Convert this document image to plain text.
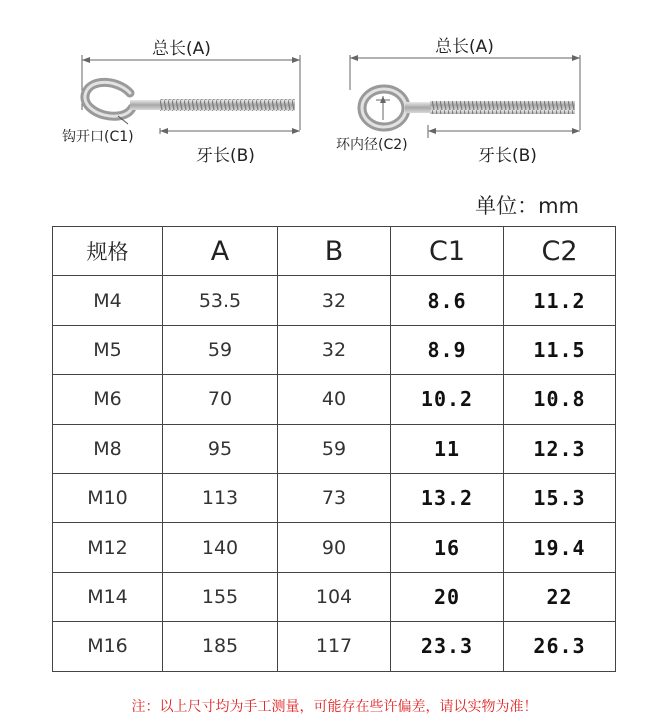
总长(A)
钩开口(C1)
牙长(B)
总长(A)
环内径(C2)
牙长(B)
单位：mm
规格	A	B	C1	C2
M4	53.5	32	8.6	11.2
M5	59	32	8.9	11.5
M6	70	40	10.2	10.8
M8	95	59	11	12.3
M10	113	73	13.2	15.3
M12	140	90	16	19.4
M14	155	104	20	22
M16	185	117	23.3	26.3
注：以上尺寸均为手工测量，可能存在些许偏差，请以实物为准！
